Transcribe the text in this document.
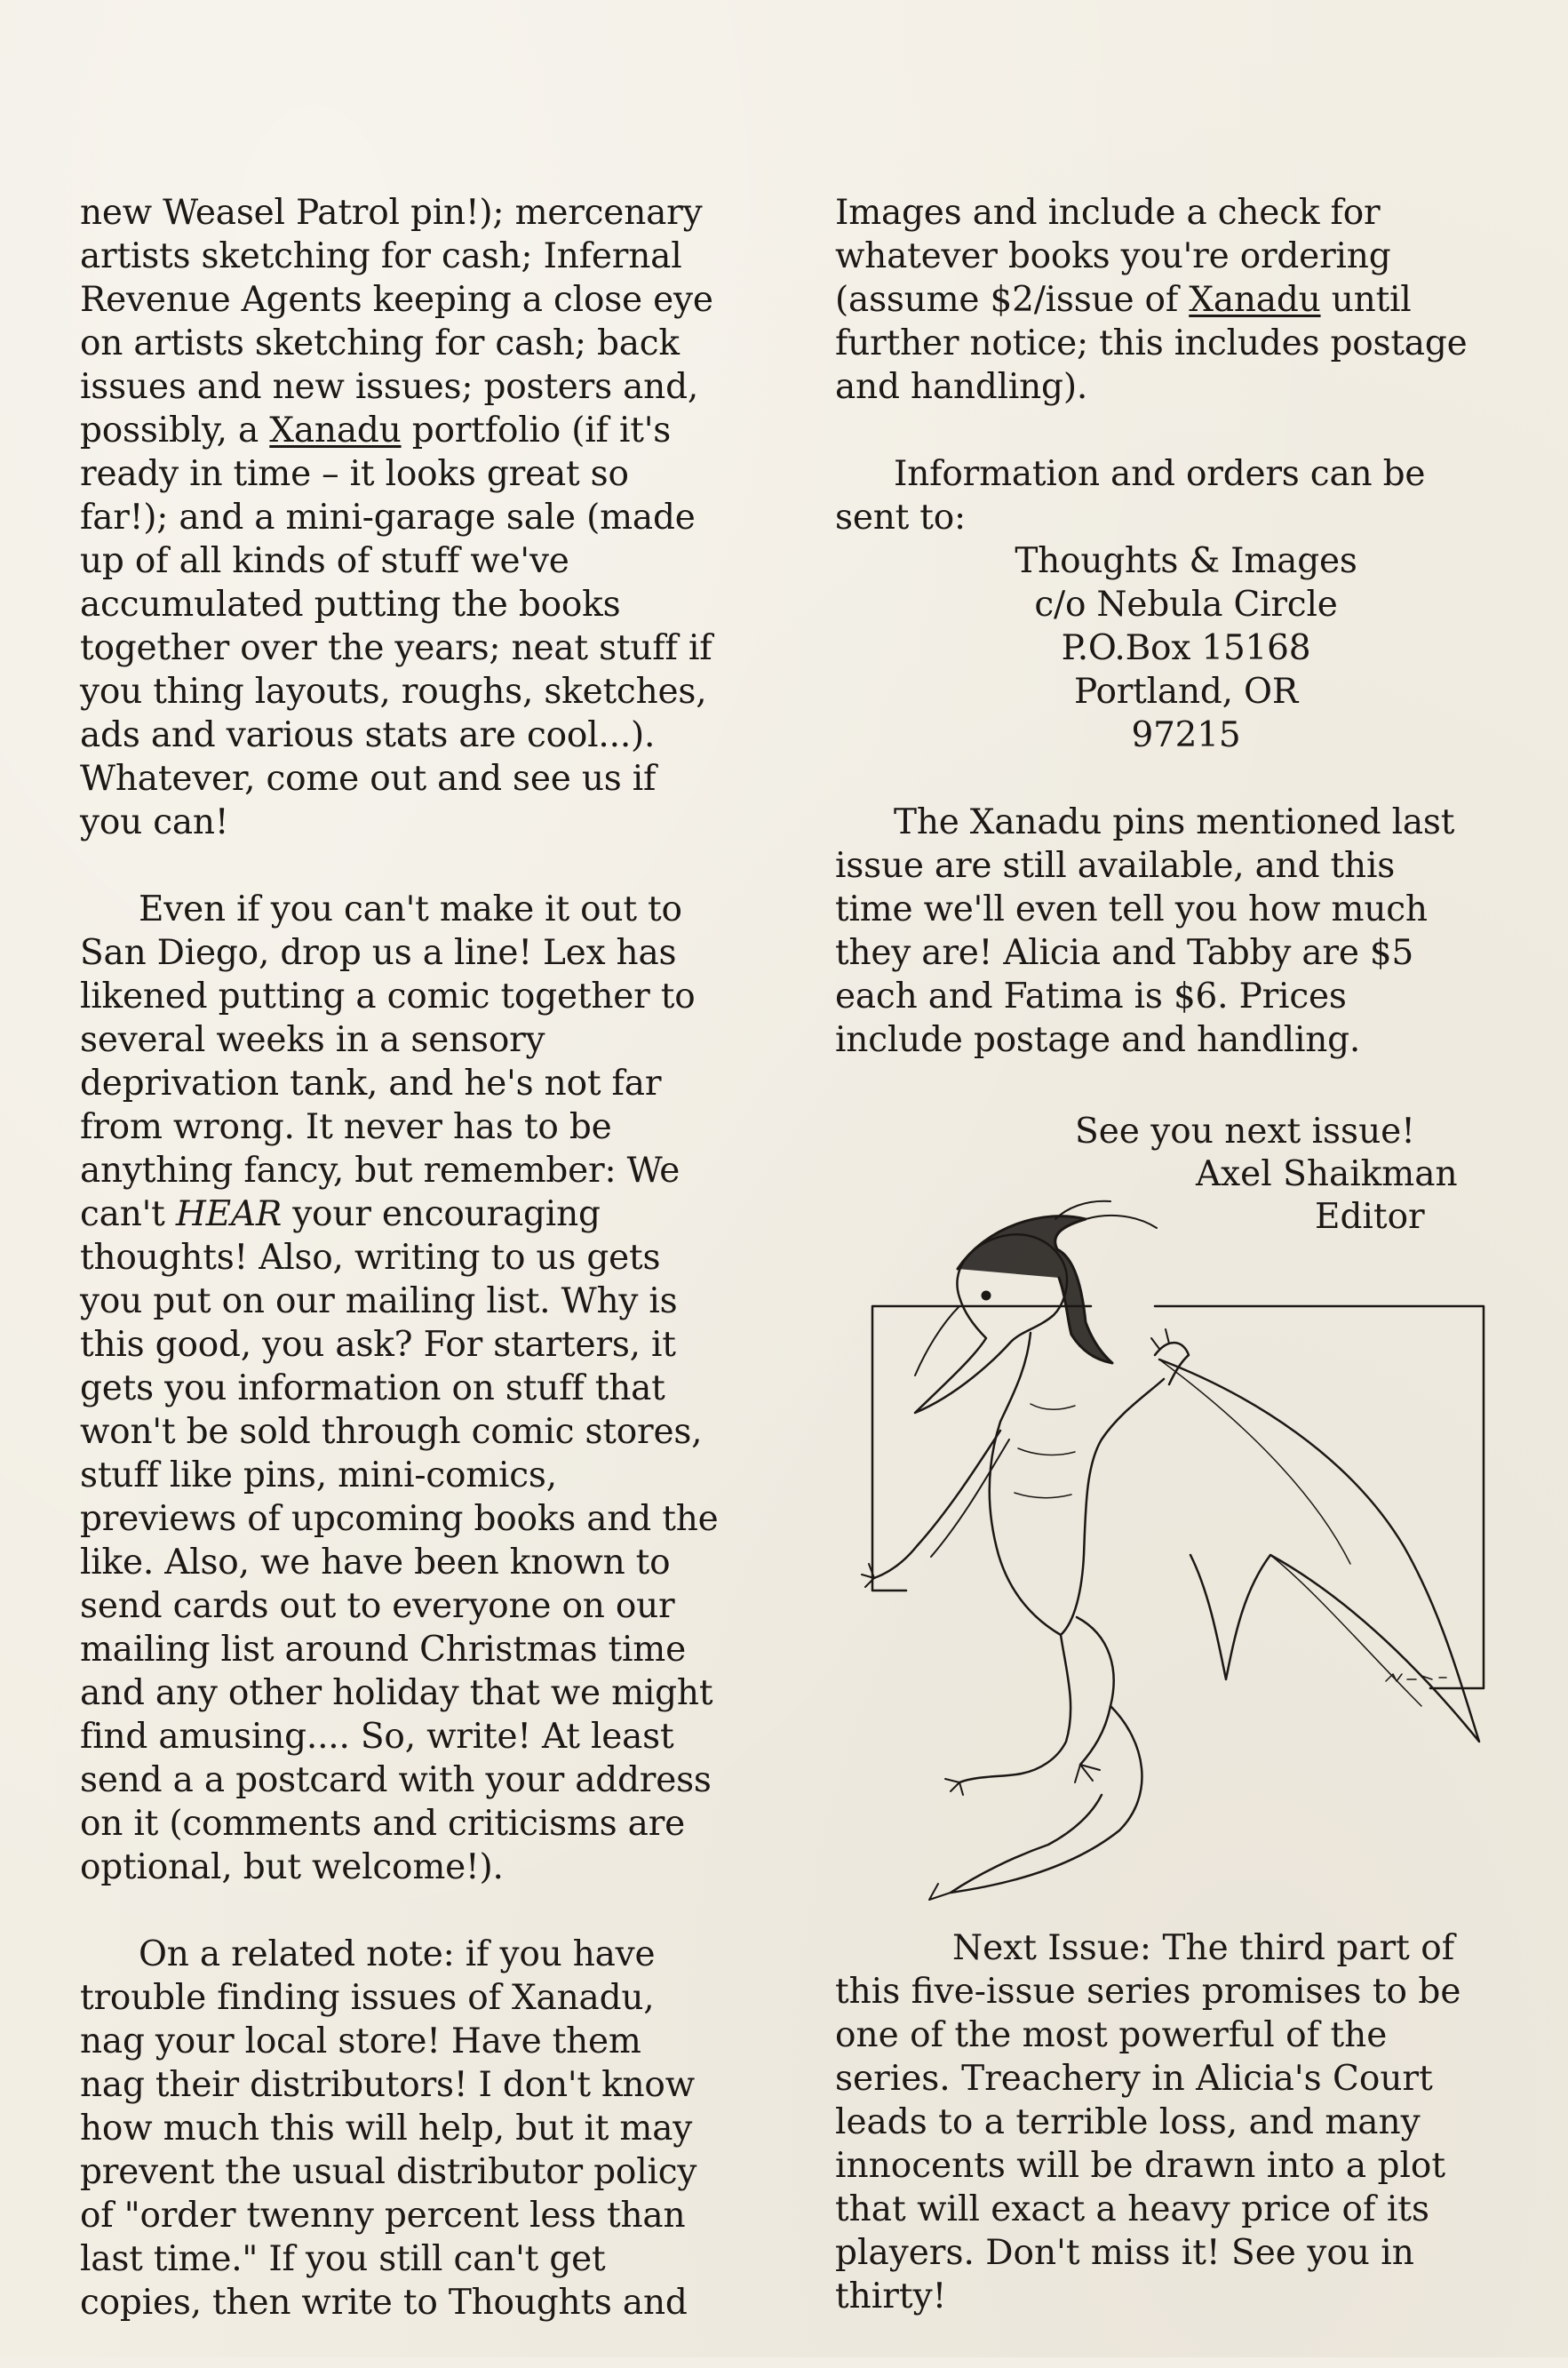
new Weasel Patrol pin!); mercenary
artists sketching for cash; Infernal
Revenue Agents keeping a close eye
on artists sketching for cash; back
issues and new issues; posters and,
possibly, a Xanadu portfolio (if it's
ready in time – it looks great so
far!); and a mini-garage sale (made
up of all kinds of stuff we've
accumulated putting the books
together over the years; neat stuff if
you thing layouts, roughs, sketches,
ads and various stats are cool...).
Whatever, come out and see us if
you can!

Even if you can't make it out to
San Diego, drop us a line! Lex has
likened putting a comic together to
several weeks in a sensory
deprivation tank, and he's not far
from wrong. It never has to be
anything fancy, but remember: We
can't HEAR your encouraging
thoughts! Also, writing to us gets
you put on our mailing list. Why is
this good, you ask? For starters, it
gets you information on stuff that
won't be sold through comic stores,
stuff like pins, mini-comics,
previews of upcoming books and the
like. Also, we have been known to
send cards out to everyone on our
mailing list around Christmas time
and any other holiday that we might
find amusing.... So, write! At least
send a a postcard with your address
on it (comments and criticisms are
optional, but welcome!).

On a related note: if you have
trouble finding issues of Xanadu,
nag your local store! Have them
nag their distributors! I don't know
how much this will help, but it may
prevent the usual distributor policy
of "order twenny percent less than
last time." If you still can't get
copies, then write to Thoughts and

Images and include a check for
whatever books you're ordering
(assume $2/issue of Xanadu until
further notice; this includes postage
and handling).

Information and orders can be
sent to:

Thoughts & Images
c/o Nebula Circle
P.O.Box 15168
Portland, OR
97215

The Xanadu pins mentioned last
issue are still available, and this
time we'll even tell you how much
they are! Alicia and Tabby are $5
each and Fatima is $6. Prices
include postage and handling.

See you next issue!
Axel Shaikman
Editor
Next Issue: The third part of
this five-issue series promises to be
one of the most powerful of the
series. Treachery in Alicia's Court
leads to a terrible loss, and many
innocents will be drawn into a plot
that will exact a heavy price of its
players. Don't miss it! See you in
thirty!
